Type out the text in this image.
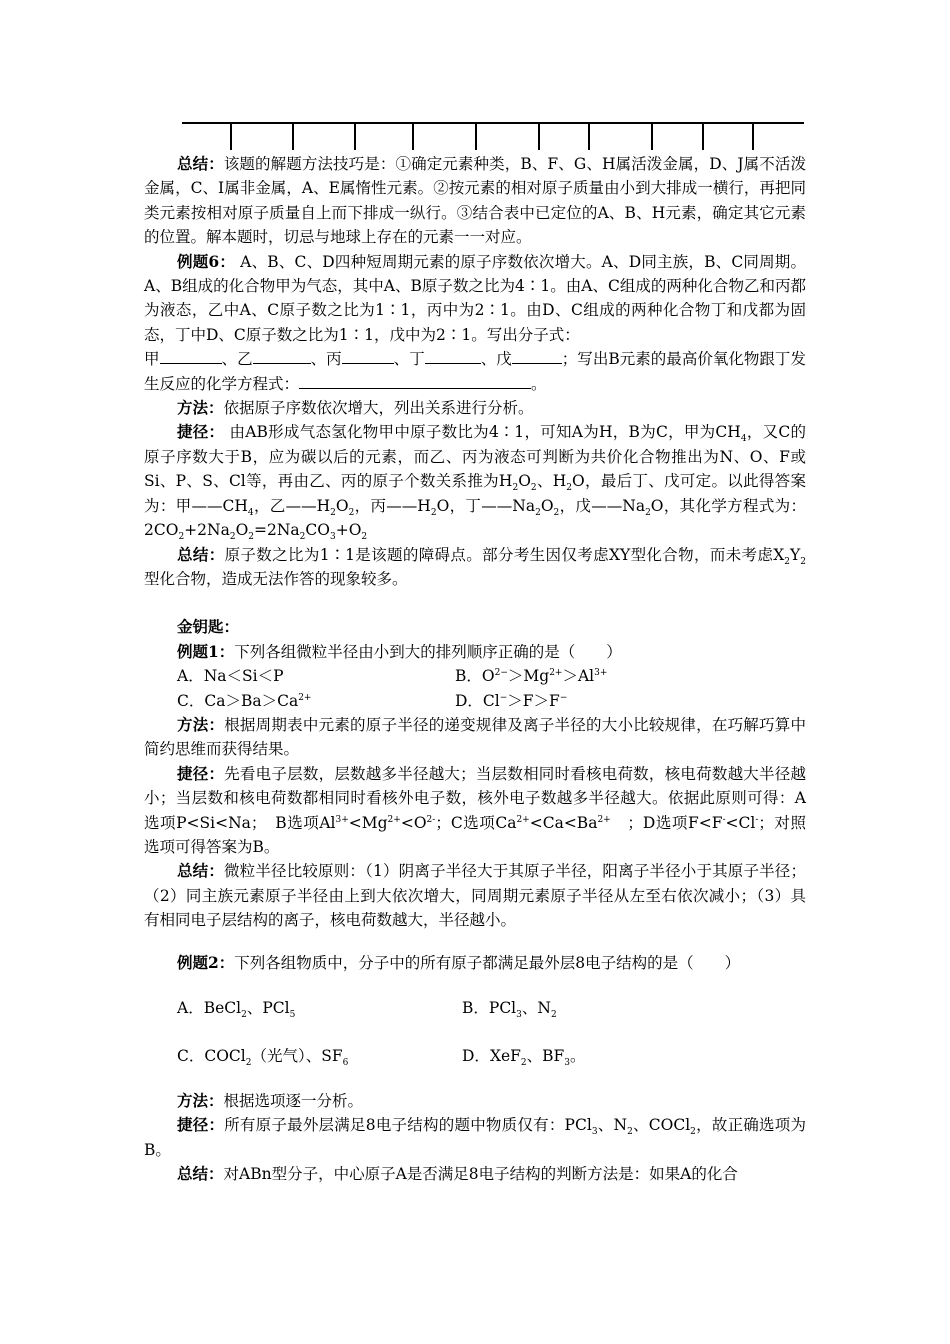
总结：该题的解题方法技巧是：①确定元素种类，B、F、G、H属活泼金属，D、J属不活泼金属，C、I属非金属，A、E属惰性元素。②按元素的相对原子质量由小到大排成一横行，再把同类元素按相对原子质量自上而下排成一纵行。③结合表中已定位的A、B、H元素，确定其它元素的位置。解本题时，切忌与地球上存在的元素一一对应。

例题6： A、B、C、D四种短周期元素的原子序数依次增大。A、D同主族，B、C同周期。A、B组成的化合物甲为气态，其中A、B原子数之比为4∶1。由A、C组成的两种化合物乙和丙都为液态，乙中A、C原子数之比为1∶1，丙中为2∶1。由D、C组成的两种化合物丁和戊都为固态，丁中D、C原子数之比为1∶1，戊中为2∶1。写出分子式：

甲	、乙	、丙	、丁	、戊	；写出B元素的最高价氧化物跟丁发生反应的化学方程式：	。

方法：依据原子序数依次增大，列出关系进行分析。

捷径： 由AB形成气态氢化物甲中原子数比为4∶1，可知A为H，B为C，甲为$CH_4$，又C的原子序数大于B，应为碳以后的元素，而乙、丙为液态可判断为共价化合物推出为N、O、F或Si、P、S、Cl等，再由乙、丙的原子个数关系推为$H_2O_2$、$H_2O$，最后丁、戊可定。以此得答案为：甲$——CH_4$，乙$——H_2O_2$，丙$——H_2O$，丁$——Na_2O_2$，戊$——Na_2O$，其化学方程式为：$2CO_2+2Na_2O_2=2Na_2CO_3+O_2$

总结：原子数之比为1∶1是该题的障碍点。部分考生因仅考虑XY型化合物，而未考虑$X_2Y_2$型化合物，造成无法作答的现象较多。

金钥匙：

例题1：下列各组微粒半径由小到大的排列顺序正确的是（　　）

A．Na＜Si＜P	B．$O^{2-}>Mg^{2+}>Al^{3+}$
C．$Ca>Ba>Ca^{2+}$	D．Cl−＞F＞F−

方法：根据周期表中元素的原子半径的递变规律及离子半径的大小比较规律，在巧解巧算中简约思维而获得结果。

捷径：先看电子层数，层数越多半径越大；当层数相同时看核电荷数，核电荷数越大半径越小；当层数和核电荷数都相同时看核外电子数，核外电子数越多半径越大。依据此原则可得：A选项P<Si<Na；　B选项$Al^{3+}<Mg^{2+}<O^{2-}$；C选项$Ca^{2+}<Ca<Ba^{2+}$　；D选项F<F-<Cl-；对照选项可得答案为B。

总结：微粒半径比较原则：（1）阴离子半径大于其原子半径，阳离子半径小于其原子半径；（2）同主族元素原子半径由上到大依次增大，同周期元素原子半径从左至右依次减小；（3）具有相同电子层结构的离子，核电荷数越大，半径越小。

例题2：下列各组物质中，分子中的所有原子都满足最外层8电子结构的是（　　）

A．BeCl$_2$、PCl$_5$	B．PCl$_3$、$N_2$
C．COCl$_2$（光气）、$SF_6$	D．XeF$_2$、$BF_3$。

方法：根据选项逐一分析。

捷径：所有原子最外层满足8电子结构的题中物质仅有：PCl$_3$、$N_2$、COCl$_2$，故正确选项为B。

总结：对ABn型分子，中心原子A是否满足8电子结构的判断方法是：如果A的化合
